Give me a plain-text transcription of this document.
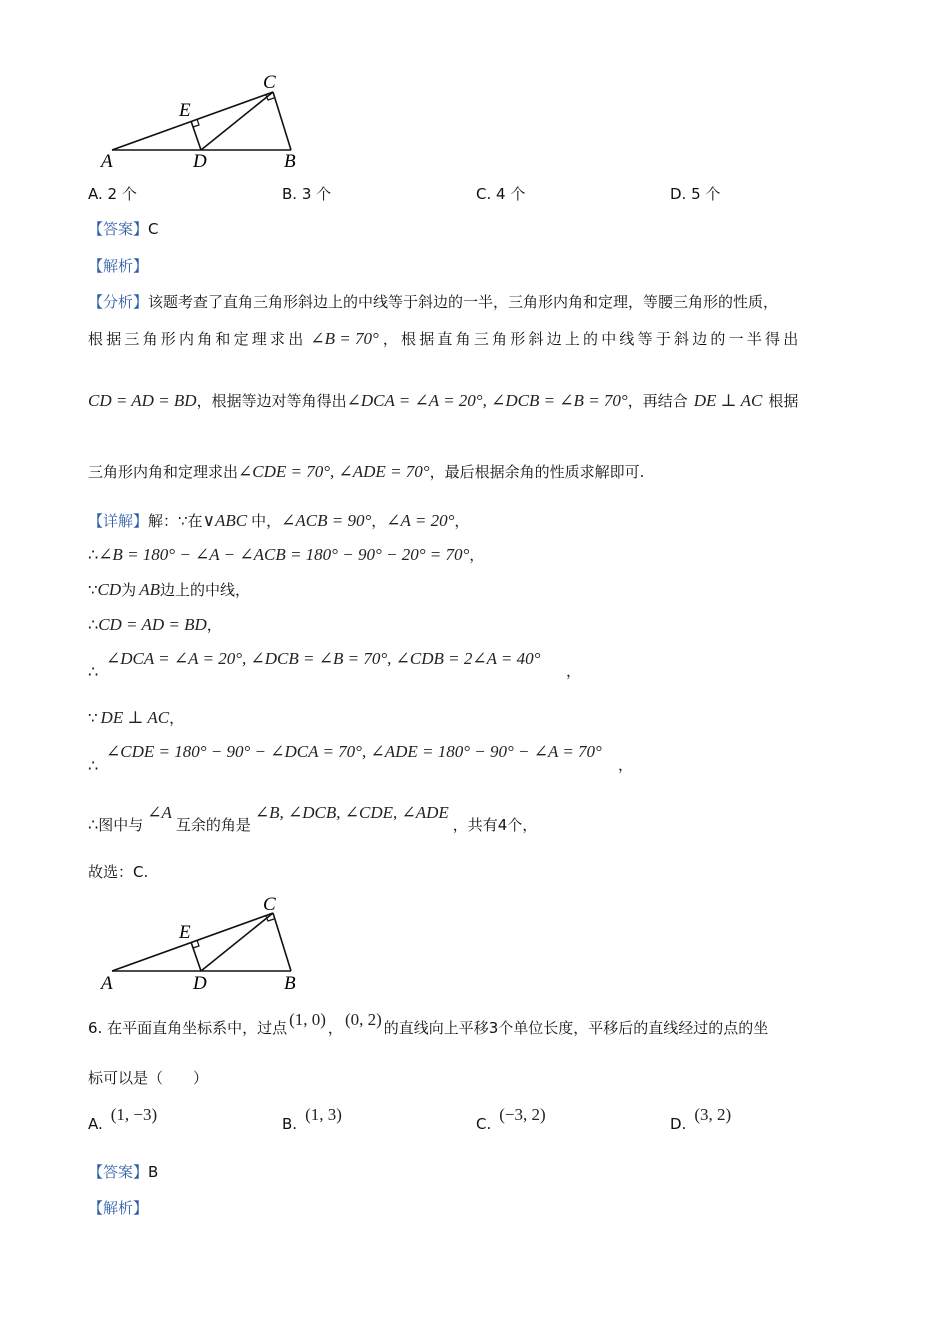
A	D	B
E
C
A. 2 个	B. 3 个	C. 4 个	D. 5 个
【答案】C
【解析】
【分析】该题考查了直角三角形斜边上的中线等于斜边的一半，三角形内角和定理，等腰三角形的性质，
根据三角形内角和定理求出 ∠B = 70° ，根据直角三角形斜边上的中线等于斜边的一半得出
CD = AD = BD ，根据等边对等角得出 ∠DCA = ∠A = 20°, ∠DCB = ∠B = 70° ，再结合 DE ⊥ AC 根据
三角形内角和定理求出 ∠CDE = 70°, ∠ADE = 70° ，最后根据余角的性质求解即可.
【详解】 解：∵在 ∨ABC 中， ∠ACB = 90° ， ∠A = 20° ，
∴ ∠B = 180° − ∠A − ∠ACB = 180° − 90° − 20° = 70° ，
∵ CD 为 AB 边上的中线，
∴ CD = AD = BD ，
∠DCA = ∠A = 20°, ∠DCB = ∠B = 70°, ∠CDB = 2∠A = 40°
∴	，
∵ DE ⊥ AC ，
∠CDE = 180° − 90° − ∠DCA = 70°, ∠ADE = 180° − 90° − ∠A = 70°
∴	，
∴ 图中与
∠A
互余的角是
∠B, ∠DCB, ∠CDE, ∠ADE
，共有4个，
故选：C.
A	D	B
E
C
6. 在平面直角坐标系中，过点 (1, 0) ， (0, 2) 的直线向上平移3个单位长度，平移后的直线经过的点的坐
标可以是（　　）
A. (1, −3)	B. (1, 3)	C. (−3, 2)	D. (3, 2)
【答案】B
【解析】
